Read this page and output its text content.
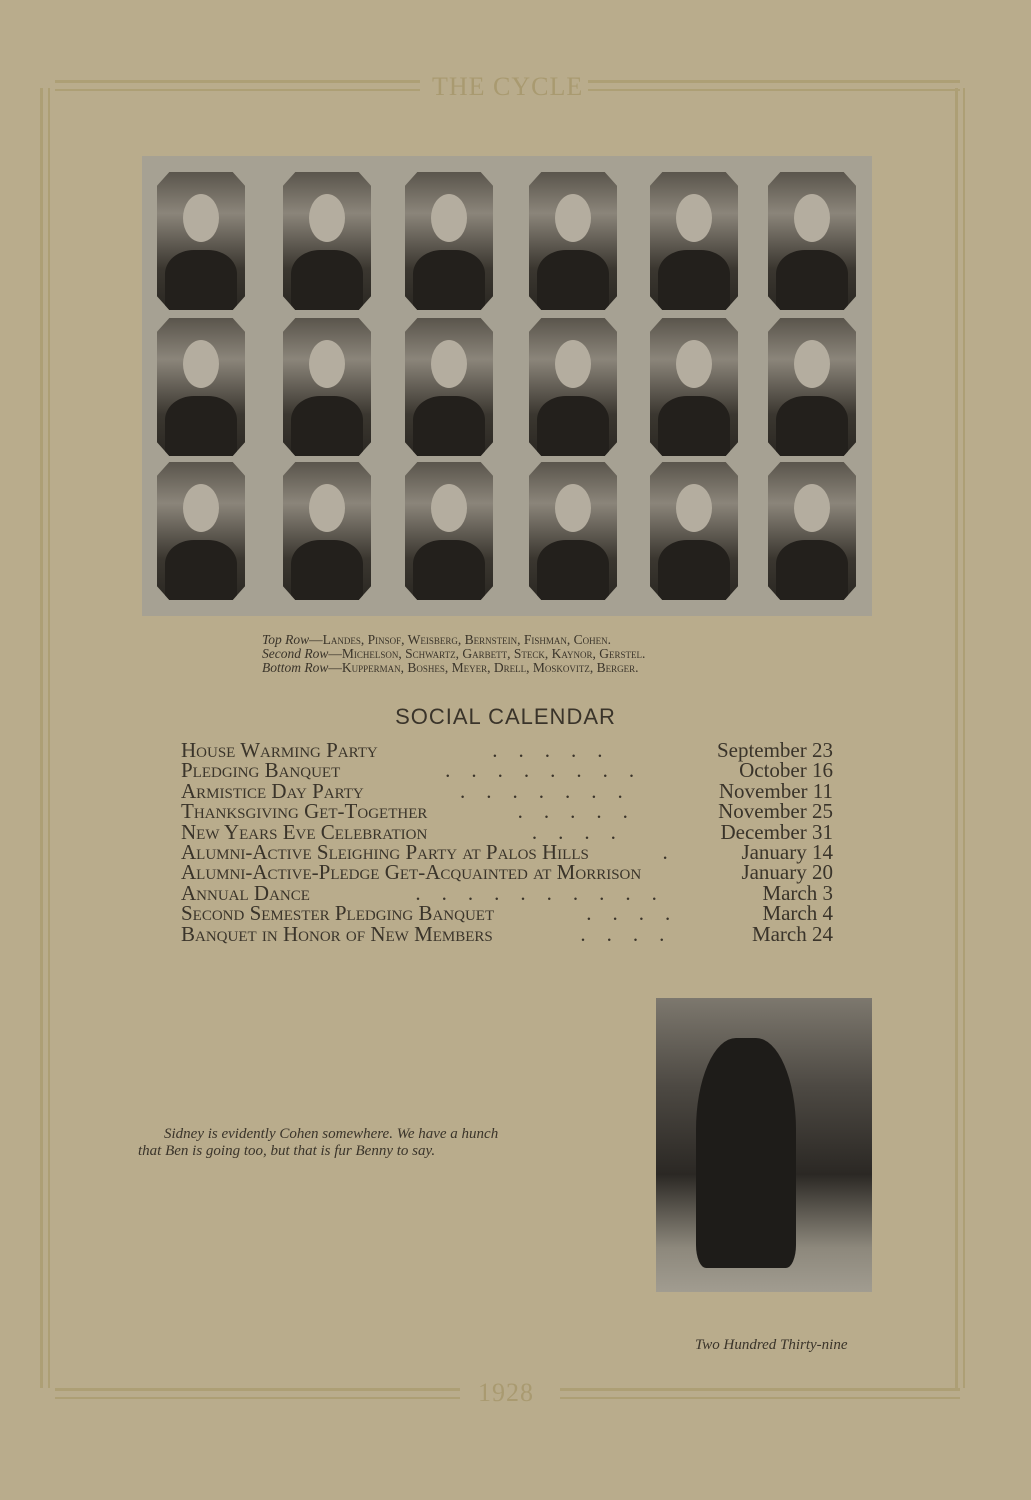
THE CYCLE
1928
Top Row—Landes, Pinsof, Weisberg, Bernstein, Fishman, Cohen.
Second Row—Michelson, Schwartz, Garbett, Steck, Kaynor, Gerstel.
Bottom Row—Kupperman, Boshes, Meyer, Drell, Moskovitz, Berger.
SOCIAL CALENDAR
House Warming Party	.    .    .    .    .	September 23
Pledging Banquet	.    .    .    .    .    .    .    .	October 16
Armistice Day Party	.    .    .    .    .    .    .	November 11
Thanksgiving Get-Together	.    .    .    .    .	November 25
New Years Eve Celebration	.    .    .    .	December 31
Alumni-Active Sleighing Party at Palos Hills	.	January 14
Alumni-Active-Pledge Get-Acquainted at Morrison	January 20
Annual Dance	.    .    .    .    .    .    .    .    .    .	March 3
Second Semester Pledging Banquet	.    .    .    .	March 4
Banquet in Honor of New Members	.    .    .    .	March 24
Sidney is evidently Cohen somewhere. We have a hunch
that Ben is going too, but that is fur Benny to say.
Two Hundred Thirty-nine
